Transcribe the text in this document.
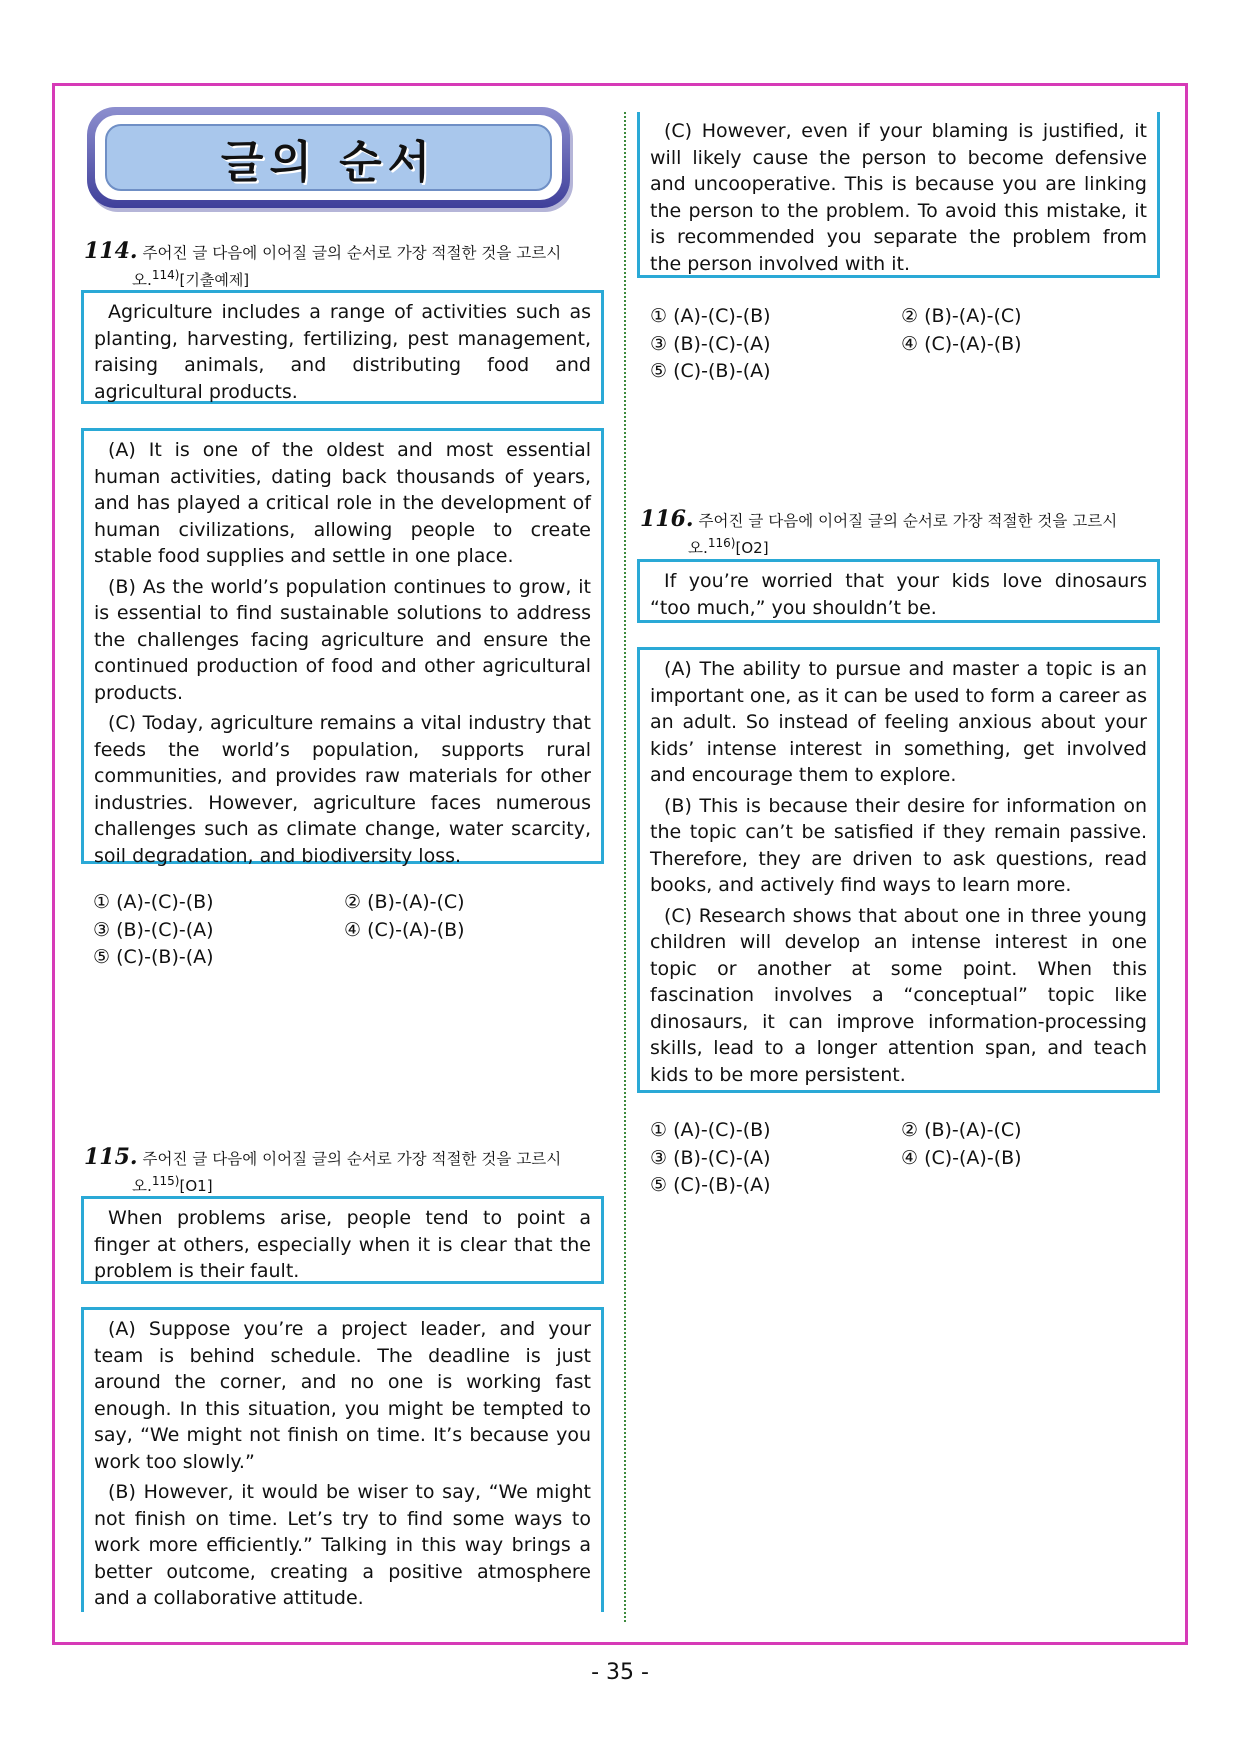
글의 순서
114. 주어진 글 다음에 이어질 글의 순서로 가장 적절한 것을 고르시
오.$^{114)}$[기출예제]

Agriculture includes a range of activities such as planting, harvesting, fertilizing, pest management, raising animals, and distributing food and agricultural products.

(A) It is one of the oldest and most essential human activities, dating back thousands of years, and has played a critical role in the development of human civilizations, allowing people to create stable food supplies and settle in one place.

(B) As the world’s population continues to grow, it is essential to find sustainable solutions to address the challenges facing agriculture and ensure the continued production of food and other agricultural products.

(C) Today, agriculture remains a vital industry that feeds the world’s population, supports rural communities, and provides raw materials for other industries. However, agriculture faces numerous challenges such as climate change, water scarcity, soil degradation, and biodiversity loss.

① (A)-(C)-(B)	② (B)-(A)-(C)
③ (B)-(C)-(A)	④ (C)-(A)-(B)
⑤ (C)-(B)-(A)
115. 주어진 글 다음에 이어질 글의 순서로 가장 적절한 것을 고르시
오.$^{115)}$[O1]

When problems arise, people tend to point a finger at others, especially when it is clear that the problem is their fault.

(A) Suppose you’re a project leader, and your team is behind schedule. The deadline is just around the corner, and no one is working fast enough. In this situation, you might be tempted to say, “We might not finish on time. It’s because you work too slowly.”

(B) However, it would be wiser to say, “We might not finish on time. Let’s try to find some ways to work more efficiently.” Talking in this way brings a better outcome, creating a positive atmosphere and a collaborative attitude.

(C) However, even if your blaming is justified, it will likely cause the person to become defensive and uncooperative. This is because you are linking the person to the problem. To avoid this mistake, it is recommended you separate the problem from the person involved with it.

① (A)-(C)-(B)	② (B)-(A)-(C)
③ (B)-(C)-(A)	④ (C)-(A)-(B)
⑤ (C)-(B)-(A)
116. 주어진 글 다음에 이어질 글의 순서로 가장 적절한 것을 고르시
오.$^{116)}$[O2]

If you’re worried that your kids love dinosaurs “too much,” you shouldn’t be.

(A) The ability to pursue and master a topic is an important one, as it can be used to form a career as an adult. So instead of feeling anxious about your kids’ intense interest in something, get involved and encourage them to explore.

(B) This is because their desire for information on the topic can’t be satisfied if they remain passive. Therefore, they are driven to ask questions, read books, and actively find ways to learn more.

(C) Research shows that about one in three young children will develop an intense interest in one topic or another at some point. When this fascination involves a “conceptual” topic like dinosaurs, it can improve information-processing skills, lead to a longer attention span, and teach kids to be more persistent.

① (A)-(C)-(B)	② (B)-(A)-(C)
③ (B)-(C)-(A)	④ (C)-(A)-(B)
⑤ (C)-(B)-(A)
- 35 -
